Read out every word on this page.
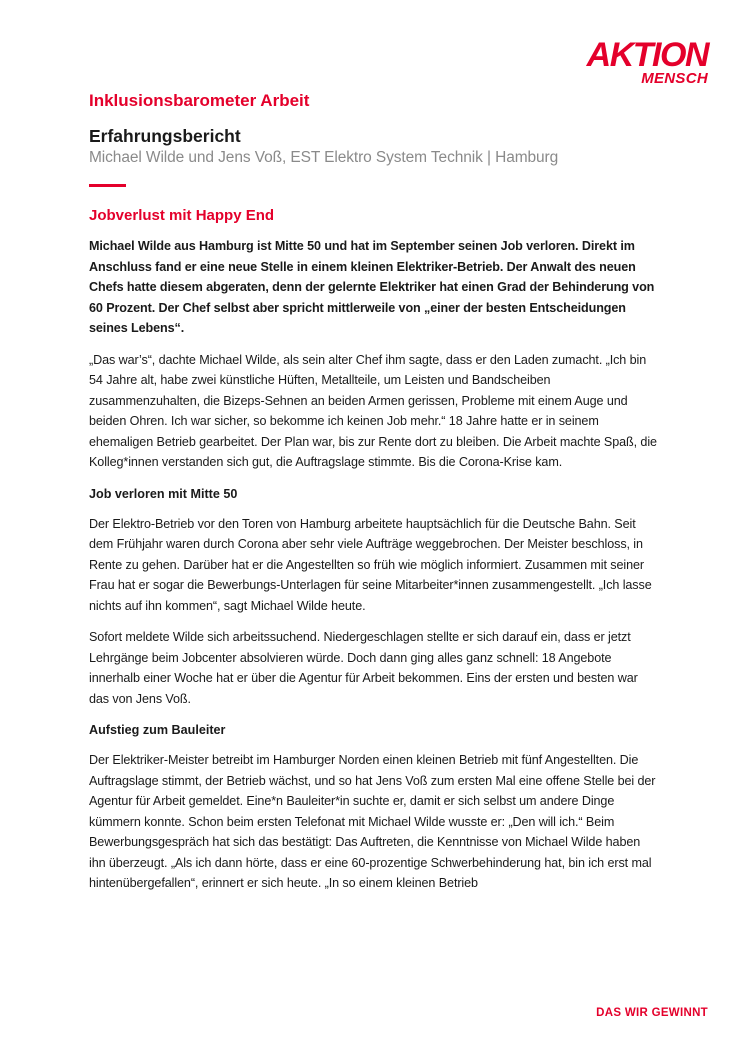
AKTION
MENSCH

Inklusionsbarometer Arbeit

Erfahrungsbericht

Michael Wilde und Jens Voß, EST Elektro System Technik | Hamburg

Jobverlust mit Happy End

Michael Wilde aus Hamburg ist Mitte 50 und hat im September seinen Job verloren. Direkt im Anschluss fand er eine neue Stelle in einem kleinen Elektriker-Betrieb. Der Anwalt des neuen Chefs hatte diesem abgeraten, denn der gelernte Elektriker hat einen Grad der Behinderung von 60 Prozent. Der Chef selbst aber spricht mittlerweile von „einer der besten Entscheidungen seines Lebens“.

„Das war’s“, dachte Michael Wilde, als sein alter Chef ihm sagte, dass er den Laden zumacht. „Ich bin 54 Jahre alt, habe zwei künstliche Hüften, Metallteile, um Leisten und Bandscheiben zusammenzuhalten, die Bizeps-Sehnen an beiden Armen gerissen, Probleme mit einem Auge und beiden Ohren. Ich war sicher, so bekomme ich keinen Job mehr.“ 18 Jahre hatte er in seinem ehemaligen Betrieb gearbeitet. Der Plan war, bis zur Rente dort zu bleiben. Die Arbeit machte Spaß, die Kolleg*innen verstanden sich gut, die Auftragslage stimmte. Bis die Corona-Krise kam.

Job verloren mit Mitte 50

Der Elektro-Betrieb vor den Toren von Hamburg arbeitete hauptsächlich für die Deutsche Bahn. Seit dem Frühjahr waren durch Corona aber sehr viele Aufträge weggebrochen. Der Meister beschloss, in Rente zu gehen. Darüber hat er die Angestellten so früh wie möglich informiert. Zusammen mit seiner Frau hat er sogar die Bewerbungs-Unterlagen für seine Mitarbeiter*innen zusammengestellt. „Ich lasse nichts auf ihn kommen“, sagt Michael Wilde heute.

Sofort meldete Wilde sich arbeitssuchend. Niedergeschlagen stellte er sich darauf ein, dass er jetzt Lehrgänge beim Jobcenter absolvieren würde. Doch dann ging alles ganz schnell: 18 Angebote innerhalb einer Woche hat er über die Agentur für Arbeit bekommen. Eins der ersten und besten war das von Jens Voß.

Aufstieg zum Bauleiter

Der Elektriker-Meister betreibt im Hamburger Norden einen kleinen Betrieb mit fünf Angestellten. Die Auftragslage stimmt, der Betrieb wächst, und so hat Jens Voß zum ersten Mal eine offene Stelle bei der Agentur für Arbeit gemeldet. Eine*n Bauleiter*in suchte er, damit er sich selbst um andere Dinge kümmern konnte. Schon beim ersten Telefonat mit Michael Wilde wusste er: „Den will ich.“ Beim Bewerbungsgespräch hat sich das bestätigt: Das Auftreten, die Kenntnisse von Michael Wilde haben ihn überzeugt. „Als ich dann hörte, dass er eine 60-prozentige Schwerbehinderung hat, bin ich erst mal hintenübergefallen“, erinnert er sich heute. „In so einem kleinen Betrieb

DAS WIR GEWINNT
